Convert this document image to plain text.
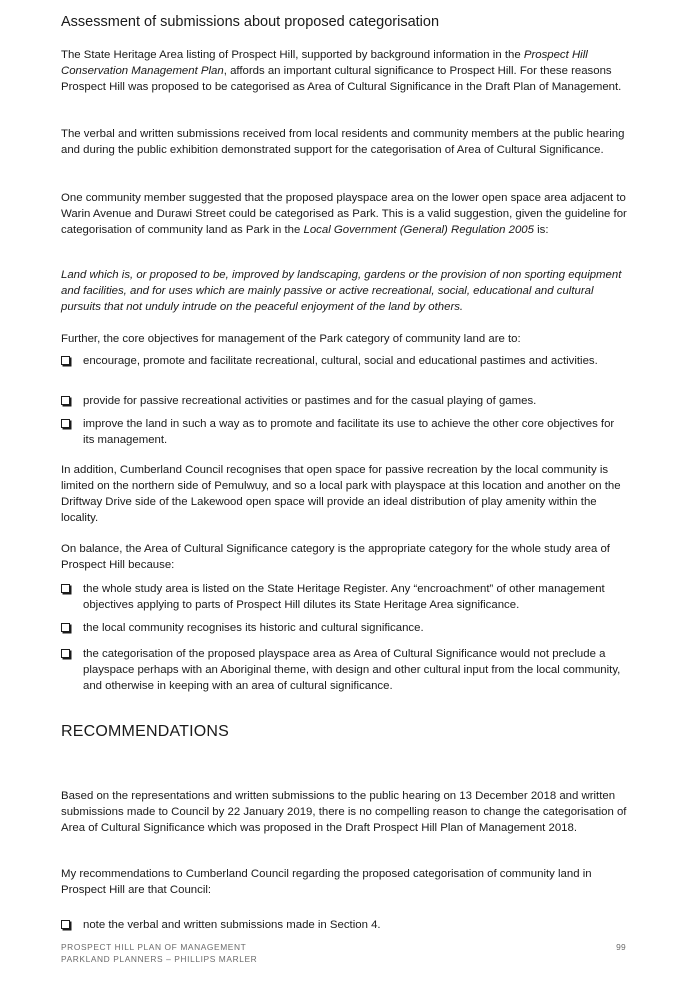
Assessment of submissions about proposed categorisation

The State Heritage Area listing of Prospect Hill, supported by background information in the Prospect Hill Conservation Management Plan, affords an important cultural significance to Prospect Hill. For these reasons Prospect Hill was proposed to be categorised as Area of Cultural Significance in the Draft Plan of Management.

The verbal and written submissions received from local residents and community members at the public hearing and during the public exhibition demonstrated support for the categorisation of Area of Cultural Significance.

One community member suggested that the proposed playspace area on the lower open space area adjacent to Warin Avenue and Durawi Street could be categorised as Park. This is a valid suggestion, given the guideline for categorisation of community land as Park in the Local Government (General) Regulation 2005 is:

Land which is, or proposed to be, improved by landscaping, gardens or the provision of non sporting equipment and facilities, and for uses which are mainly passive or active recreational, social, educational and cultural pursuits that not unduly intrude on the peaceful enjoyment of the land by others.

Further, the core objectives for management of the Park category of community land are to:

encourage, promote and facilitate recreational, cultural, social and educational pastimes and activities.
provide for passive recreational activities or pastimes and for the casual playing of games.
improve the land in such a way as to promote and facilitate its use to achieve the other core objectives for its management.

In addition, Cumberland Council recognises that open space for passive recreation by the local community is limited on the northern side of Pemulwuy, and so a local park with playspace at this location and another on the Driftway Drive side of the Lakewood open space will provide an ideal distribution of play amenity within the locality.

On balance, the Area of Cultural Significance category is the appropriate category for the whole study area of Prospect Hill because:

the whole study area is listed on the State Heritage Register. Any “encroachment” of other management objectives applying to parts of Prospect Hill dilutes its State Heritage Area significance.
the local community recognises its historic and cultural significance.
the categorisation of the proposed playspace area as Area of Cultural Significance would not preclude a playspace perhaps with an Aboriginal theme, with design and other cultural input from the local community, and otherwise in keeping with an area of cultural significance.
RECOMMENDATIONS

Based on the representations and written submissions to the public hearing on 13 December 2018 and written submissions made to Council by 22 January 2019, there is no compelling reason to change the categorisation of Area of Cultural Significance which was proposed in the Draft Prospect Hill Plan of Management 2018.

My recommendations to Cumberland Council regarding the proposed categorisation of community land in Prospect Hill are that Council:

note the verbal and written submissions made in Section 4.
PROSPECT HILL PLAN OF MANAGEMENT
PARKLAND PLANNERS – PHILLIPS MARLER
99
